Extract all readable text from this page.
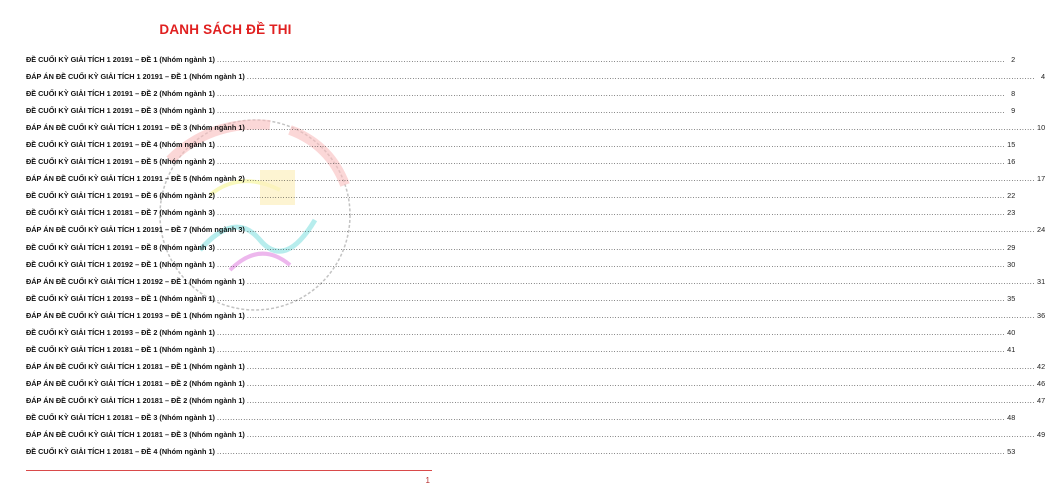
DANH SÁCH ĐỀ THI
ĐỀ CUỐI KỲ GIẢI TÍCH 1 20191 – ĐỀ 1 (Nhóm ngành 1) ............................................................................................................................................................................................................................................................................................................ 2
ĐÁP ÁN ĐỀ CUỐI KỲ GIẢI TÍCH 1 20191 – ĐỀ 1 (Nhóm ngành 1) ............................................................................................................................................................................................................................................................................................................ 4
ĐỀ CUỐI KỲ GIẢI TÍCH 1 20191 – ĐỀ 2 (Nhóm ngành 1) ............................................................................................................................................................................................................................................................................................................ 8
ĐỀ CUỐI KỲ GIẢI TÍCH 1 20191 – ĐỀ 3 (Nhóm ngành 1) ............................................................................................................................................................................................................................................................................................................ 9
ĐÁP ÁN ĐỀ CUỐI KỲ GIẢI TÍCH 1 20191 – ĐỀ 3 (Nhóm ngành 1) ............................................................................................................................................................................................................................................................................................................ 10
ĐỀ CUỐI KỲ GIẢI TÍCH 1 20191 – ĐỀ 4 (Nhóm ngành 1) ............................................................................................................................................................................................................................................................................................................ 15
ĐỀ CUỐI KỲ GIẢI TÍCH 1 20191 – ĐỀ 5 (Nhóm ngành 2) ............................................................................................................................................................................................................................................................................................................ 16
ĐÁP ÁN ĐỀ CUỐI KỲ GIẢI TÍCH 1 20191 – ĐỀ 5 (Nhóm ngành 2) ............................................................................................................................................................................................................................................................................................................ 17
ĐỀ CUỐI KỲ GIẢI TÍCH 1 20191 – ĐỀ 6 (Nhóm ngành 2) ............................................................................................................................................................................................................................................................................................................ 22
ĐỀ CUỐI KỲ GIẢI TÍCH 1 20181 – ĐỀ 7 (Nhóm ngành 3) ............................................................................................................................................................................................................................................................................................................ 23
ĐÁP ÁN ĐỀ CUỐI KỲ GIẢI TÍCH 1 20191 – ĐỀ 7 (Nhóm ngành 3) ............................................................................................................................................................................................................................................................................................................ 24
ĐỀ CUỐI KỲ GIẢI TÍCH 1 20191 – ĐỀ 8 (Nhóm ngành 3) ............................................................................................................................................................................................................................................................................................................ 29
ĐỀ CUỐI KỲ GIẢI TÍCH 1 20192 – ĐỀ 1 (Nhóm ngành 1) ............................................................................................................................................................................................................................................................................................................ 30
ĐÁP ÁN ĐỀ CUỐI KỲ GIẢI TÍCH 1 20192 – ĐỀ 1 (Nhóm ngành 1) ............................................................................................................................................................................................................................................................................................................ 31
ĐỀ CUỐI KỲ GIẢI TÍCH 1 20193 – ĐỀ 1 (Nhóm ngành 1) ............................................................................................................................................................................................................................................................................................................ 35
ĐÁP ÁN ĐỀ CUỐI KỲ GIẢI TÍCH 1 20193 – ĐỀ 1 (Nhóm ngành 1) ............................................................................................................................................................................................................................................................................................................ 36
ĐỀ CUỐI KỲ GIẢI TÍCH 1 20193 – ĐỀ 2 (Nhóm ngành 1) ............................................................................................................................................................................................................................................................................................................ 40
ĐỀ CUỐI KỲ GIẢI TÍCH 1 20181 – ĐỀ 1 (Nhóm ngành 1) ............................................................................................................................................................................................................................................................................................................ 41
ĐÁP ÁN ĐỀ CUỐI KỲ GIẢI TÍCH 1 20181 – ĐỀ 1 (Nhóm ngành 1) ............................................................................................................................................................................................................................................................................................................ 42
ĐÁP ÁN ĐỀ CUỐI KỲ GIẢI TÍCH 1 20181 – ĐỀ 2 (Nhóm ngành 1) ............................................................................................................................................................................................................................................................................................................ 46
ĐÁP ÁN ĐỀ CUỐI KỲ GIẢI TÍCH 1 20181 – ĐỀ 2 (Nhóm ngành 1) ............................................................................................................................................................................................................................................................................................................ 47
ĐỀ CUỐI KỲ GIẢI TÍCH 1 20181 – ĐỀ 3 (Nhóm ngành 1) ............................................................................................................................................................................................................................................................................................................ 48
ĐÁP ÁN ĐỀ CUỐI KỲ GIẢI TÍCH 1 20181 – ĐỀ 3 (Nhóm ngành 1) ............................................................................................................................................................................................................................................................................................................ 49
ĐỀ CUỐI KỲ GIẢI TÍCH 1 20181 – ĐỀ 4 (Nhóm ngành 1) ............................................................................................................................................................................................................................................................................................................ 53
1
